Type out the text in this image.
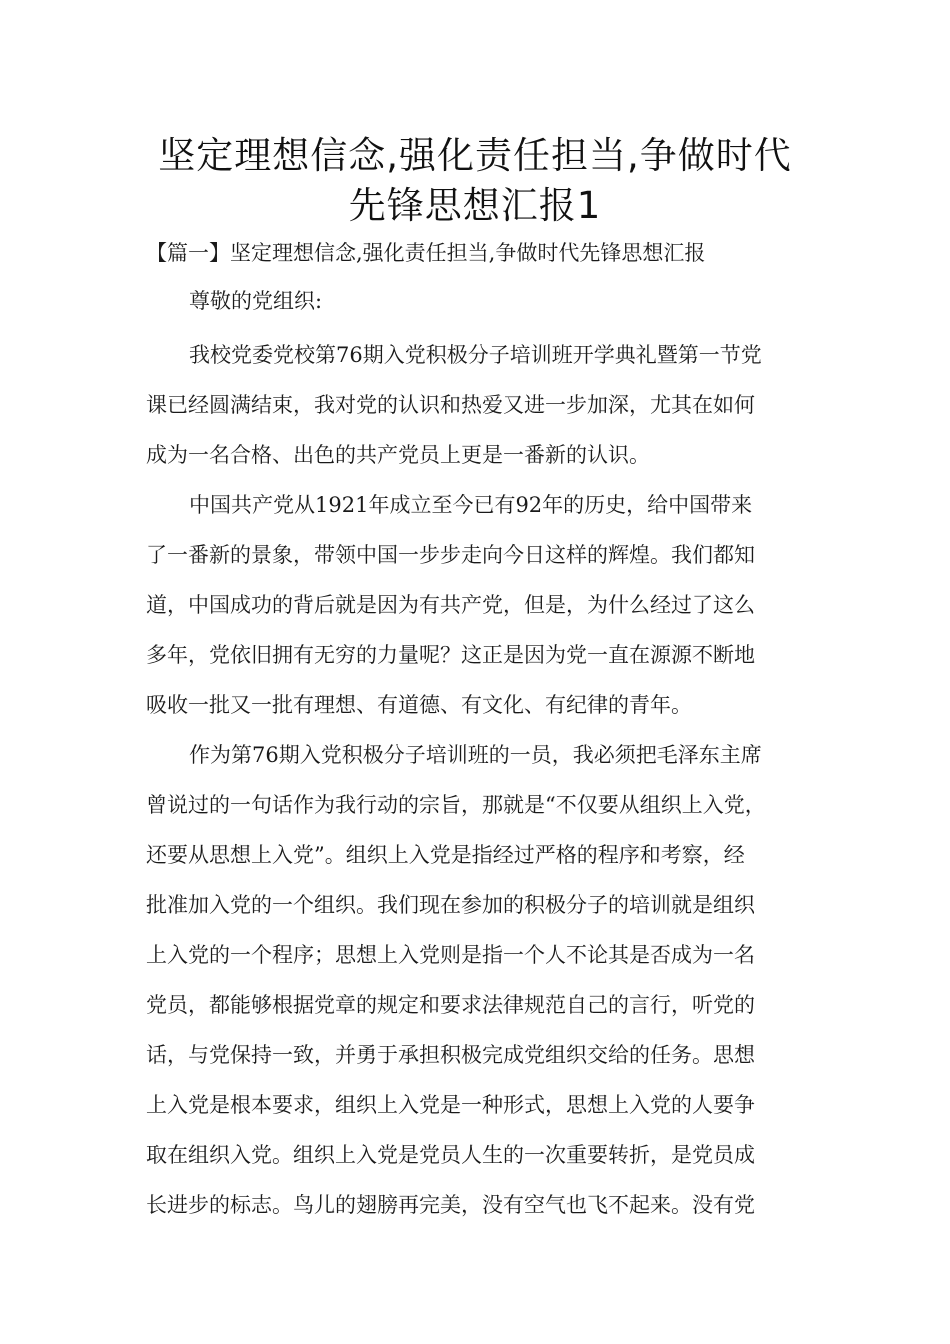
坚定理想信念,强化责任担当,争做时代
先锋思想汇报1
【篇一】坚定理想信念,强化责任担当,争做时代先锋思想汇报
尊敬的党组织:
我校党委党校第76期入党积极分子培训班开学典礼暨第一节党
课已经圆满结束，我对党的认识和热爱又进一步加深，尤其在如何
成为一名合格、出色的共产党员上更是一番新的认识。
中国共产党从1921年成立至今已有92年的历史，给中国带来
了一番新的景象，带领中国一步步走向今日这样的辉煌。我们都知
道，中国成功的背后就是因为有共产党，但是，为什么经过了这么
多年，党依旧拥有无穷的力量呢？这正是因为党一直在源源不断地
吸收一批又一批有理想、有道德、有文化、有纪律的青年。
作为第76期入党积极分子培训班的一员，我必须把毛泽东主席
曾说过的一句话作为我行动的宗旨，那就是“不仅要从组织上入党，
还要从思想上入党”。组织上入党是指经过严格的程序和考察，经
批准加入党的一个组织。我们现在参加的积极分子的培训就是组织
上入党的一个程序；思想上入党则是指一个人不论其是否成为一名
党员，都能够根据党章的规定和要求法律规范自己的言行，听党的
话，与党保持一致，并勇于承担积极完成党组织交给的任务。思想
上入党是根本要求，组织上入党是一种形式，思想上入党的人要争
取在组织入党。组织上入党是党员人生的一次重要转折，是党员成
长进步的标志。鸟儿的翅膀再完美，没有空气也飞不起来。没有党
